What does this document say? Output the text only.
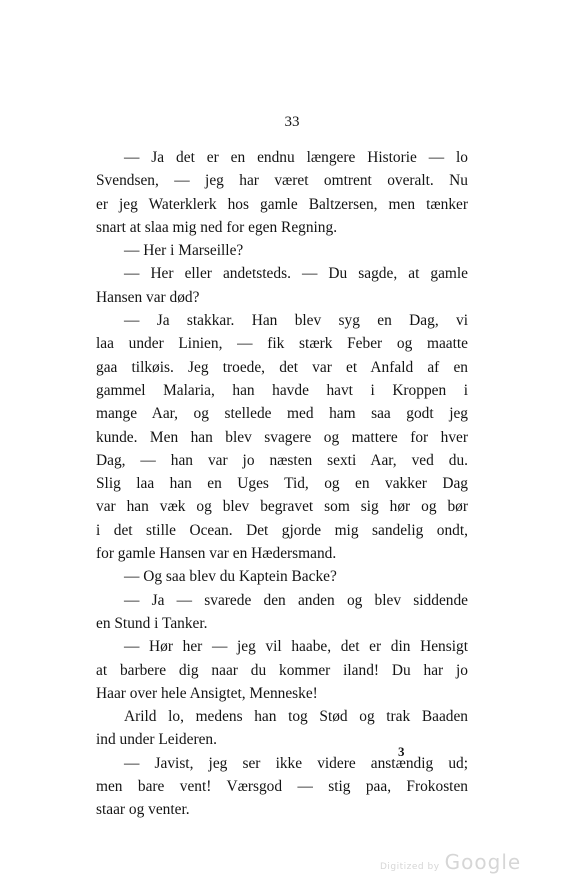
33
— Ja det er en endnu længere Historie — lo
Svendsen, — jeg har været omtrent overalt. Nu
er jeg Waterklerk hos gamle Baltzersen, men tænker
snart at slaa mig ned for egen Regning.
— Her i Marseille?
— Her eller andetsteds. — Du sagde, at gamle
Hansen var død?
— Ja stakkar. Han blev syg en Dag, vi
laa under Linien, — fik stærk Feber og maatte
gaa tilkøis. Jeg troede, det var et Anfald af en
gammel Malaria, han havde havt i Kroppen i
mange Aar, og stellede med ham saa godt jeg
kunde. Men han blev svagere og mattere for hver
Dag, — han var jo næsten sexti Aar, ved du.
Slig laa han en Uges Tid, og en vakker Dag
var han væk og blev begravet som sig hør og bør
i det stille Ocean. Det gjorde mig sandelig ondt,
for gamle Hansen var en Hædersmand.
— Og saa blev du Kaptein Backe?
— Ja — svarede den anden og blev siddende
en Stund i Tanker.
— Hør her — jeg vil haabe, det er din Hensigt
at barbere dig naar du kommer iland! Du har jo
Haar over hele Ansigtet, Menneske!
Arild lo, medens han tog Stød og trak Baaden
ind under Leideren.
— Javist, jeg ser ikke videre anstændig ud;
men bare vent! Værsgod — stig paa, Frokosten
staar og venter.
3
Digitized by Google
